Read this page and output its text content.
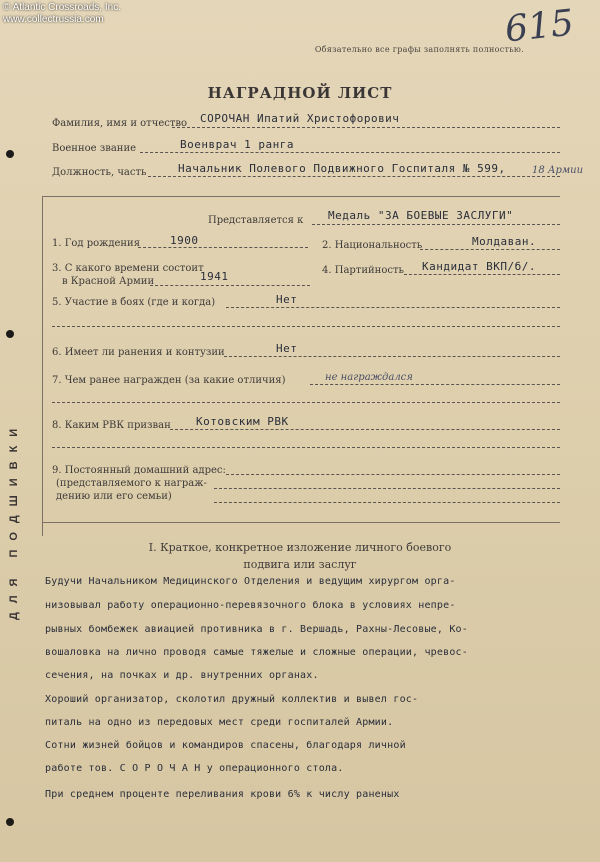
© Atlantic Crossroads, Inc.
www.collectrussia.com	615
Обязательно все графы заполнять полностью.
НАГРАДНОЙ ЛИСТ
ДЛЯ ПОДШИВКИ
Фамилия, имя и отчество СОРОЧАН Ипатий Христофорович
Военное звание	Военврач 1 ранга
Должность, часть	Начальник Полевого Подвижного Госпиталя № 599,	18 Армии
Представляется к Медаль "ЗА БОЕВЫЕ ЗАСЛУГИ"
1. Год рождения	1900	2. Национальность	Молдаван.
3. С какого времени состоит
в Красной Армии	1941	4. Партийность Кандидат ВКП/б/.
5. Участие в боях (где и когда)	Нет
6. Имеет ли ранения и контузии	Нет
7. Чем ранее награжден (за какие отличия)	не награждался
8. Каким РВК призван Котовским РВК
9. Постоянный домашний адрес:
(представляемого к награж-
дению или его семьи)
I. Краткое, конкретное изложение личного боевого
подвига или заслуг
Будучи Начальником Медицинского Отделения и ведущим хирургом орга-
низовывал работу операционно-перевязочного блока в условиях непре-
рывных бомбежек авиацией противника в г. Вершадь, Рахны-Лесовые, Ко-
вошаловка на лично проводя самые тяжелые и сложные операции, чревос-
сечения, на почках и др. внутренних органах.
Хороший организатор, сколотил дружный коллектив и вывел гос-
питаль на одно из передовых мест среди госпиталей Армии.
Сотни жизней бойцов и командиров спасены, благодаря личной
работе тов. С О Р О Ч А Н у операционного стола.
При среднем проценте переливания крови 6% к числу раненых
